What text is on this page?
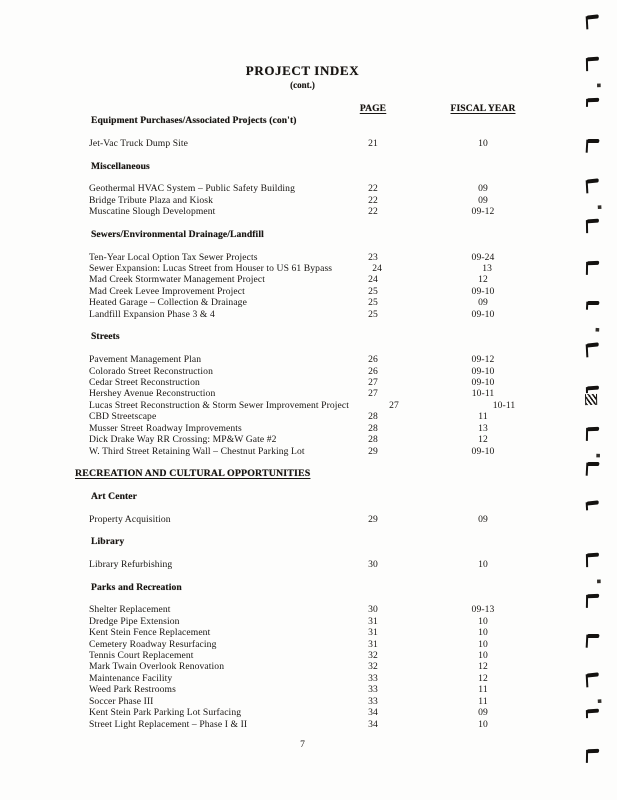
PROJECT INDEX
(cont.)
PAGE	FISCAL YEAR
Equipment Purchases/Associated Projects (con't)
Jet-Vac Truck Dump Site	21	10
Miscellaneous
Geothermal HVAC System – Public Safety Building	22	09
Bridge Tribute Plaza and Kiosk	22	09
Muscatine Slough Development	22	09-12
Sewers/Environmental Drainage/Landfill
Ten-Year Local Option Tax Sewer Projects	23	09-24
Sewer Expansion: Lucas Street from Houser to US 61 Bypass	24	13
Mad Creek Stormwater Management Project	24	12
Mad Creek Levee Improvement Project	25	09-10
Heated Garage – Collection & Drainage	25	09
Landfill Expansion Phase 3 & 4	25	09-10
Streets
Pavement Management Plan	26	09-12
Colorado Street Reconstruction	26	09-10
Cedar Street Reconstruction	27	09-10
Hershey Avenue Reconstruction	27	10-11
Lucas Street Reconstruction & Storm Sewer Improvement Project	27	10-11
CBD Streetscape	28	11
Musser Street Roadway Improvements	28	13
Dick Drake Way RR Crossing: MP&W Gate #2	28	12
W. Third Street Retaining Wall – Chestnut Parking Lot	29	09-10
RECREATION AND CULTURAL OPPORTUNITIES
Art Center
Property Acquisition	29	09
Library
Library Refurbishing	30	10
Parks and Recreation
Shelter Replacement	30	09-13
Dredge Pipe Extension	31	10
Kent Stein Fence Replacement	31	10
Cemetery Roadway Resurfacing	31	10
Tennis Court Replacement	32	10
Mark Twain Overlook Renovation	32	12
Maintenance Facility	33	12
Weed Park Restrooms	33	11
Soccer Phase III	33	11
Kent Stein Park Parking Lot Surfacing	34	09
Street Light Replacement – Phase I & II	34	10
7
